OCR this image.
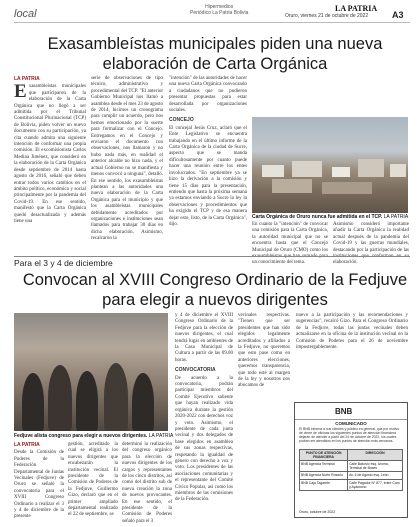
local
Hipermedios
Periódico La Patria Bolivia	Oruro, viernes 21 de octubre de 2022
LA PATRIA
A3
Exasambleístas municipales piden una nueva elaboración de Carta Orgánica
LA PATRIA
E xasambleístas municipales que participaron de la elaboración de la Carta Orgánica que no llegó a ser admitida por el Tribunal Constitucional Plurinacional (TCP) de Bolivia, piden volver un nuevo documento con su participación, ya cita cuando admita una siguiente intención de conformar una propia comisión. El excomisionista Carlos Medina Jiménez, que consideró en la elaboración de la Carta Orgánica desde septiembre de 2014 hasta agosto de 2016, señaló que deben entrar todos varios cambios en el ámbito político, económico y social principalmente por la pandemia del Covid-19. En ese sentido, manifestó que la Carta Orgánica quedó desactualizada y además tiene una
serie de observaciones de tipo técnico, administrativo y procedimental del TCP. "El anterior Gobierno Municipal nos llamó a asamblea desde el mes 23 de agosto de 2014, hicimos un cronograma para cumplir un acuerdo, pero nos hemos emocionado por la suerte para formalizar con el Concejo. Entregamos en el Concejo y enviaron el documento con observaciones, nos llamaron y no hubo nada más, en realidad el anterior alcalde no hizo nada, y el actual Gobierno no se manifiesta y menos convocó a ninguna", detalló. En ese sentido, los exasambleístas plantean a las autoridades una nueva elaboración de la Carta Orgánica para el municipio y que los asambleístas municipales debidamente acreditados por organizaciones e instituciones sean llamados para trabajar 30 días en dicha elaboración. Asimismo, recalcaron la
"intención" de las autoridades de hacer una nueva Carta Orgánica convocando a ciudadanos que no pudieron presentar propuestas para estar desarrollada por organizaciones sociales.
CONCEJO
El concejal Jesús Cruz, aclaró que el Ente Legislativo se encuentra trabajando en el último informe de la Carta Orgánica de la ciudad de Sucre, aspecto que se manda dificultosamente por cuanto puede hacer una reunión entre los entes involucrados. "En septiembre ya se hizo la derivación a la comisión y tiene 15 días para la presentación, entiendo que hasta la próxima semana ya estamos enviando a Sucre la ley la observaciones y procedimientos que ha exigido el TCP y de esa manera dejar esto, listo, de la Carta Orgánica", dijo.
Carta Orgánica de Oruro nunca fue admitida en el TCP. LA PATRIA
En cuanto la "intención" de convocar una comisión para la Carta Orgánica, la autoridad municipal que no se encuentra hasta que el Concejo Municipal de Oruro (CMO) como los un conocimiento del tema.
Asimismo consideró importante añadir la Carta Orgánica la realidad actual después de la pandemia del Covid-19 y las guerras mundiales, destacando por la participación de las elaboración.
Para el 3 y 4 de diciembre
Convocan al XVIII Congreso Ordinario de la Fedjuve para elegir a nuevos dirigentes
Fedjuve alista congreso para elegir a nuevos dirigentes. LA PATRIA
y 4 de diciembre el XVIII Congreso Ordinario de la Fedjuve para la elección de nuevos dirigentes, el cual tendrá lugar en ambientes de la Casa Municipal de Cultura a partir de las 09.00 horas.
CONVOCATORIA
De acuerdo a la convocatoria, podrán participar miembros del Comité Ejecutivo saliente que hayan realizado vida orgánica durante la gestión 2020-2022 con derechos voz y voto. Asimismo, el presidente de cada junta vecinal y dos delegados de base elegidos en asamblea de sus zonas respectivas, respetando la igualdad de género con derecho a voz y voto. Los presidentes de las asociaciones comunitarias y el representante del Comité Cívico Popular, así como los miembros de las comisiones de la Federación.
vecinales respectivas. "Tienen que ser presidentes que han sido elegidos legalmente acreditados y afiliados a la Fedjuve, no queremos que esto pase como en anteriores elecciones, queremos transparencia, que todo esté al margen de la ley y nosotros nos abocamos de
nuevo a la participación y las recomendaciones y sugerencias", recalcó Gizo. Para el Congreso Ordinario de la Fedjuve, todas las juntas vecinales deben actualizarse en la oficina de la institución vecinal en la Comisión de Poderes para el 26 de noviembre impostergablemente.
LA PATRIA
Desde la Comisión de Poderes de la Federación Departamental de Juntas Vecinales (Fedjuve) de Oruro se señaló la convocatoria para el XVIII Congreso Ordinario a realizar el 3 y 4 de diciembre de la presente
gestión, acreditado la cual se eligirá a los nuevos dirigentes que encabezarán la institución vecinal. El presidente de la Comisión de Poderes de la Fedjuve, Guillermo Gizo, declaró que en el primer ampliado departamental realizado el 22 de septiembre, se
determinó la realización del congreso orgánico para la elección de nuevos dirigentes de los cargos y representantes de los cinco distritos, así como del distrito sub de nueva creación la zona de nuevos provocantes. En ese sentido, el presidente de la Comisión de Poderes señaló para el 3
BNB
COMUNICADO
El BNB informa a sus clientes y público en general, que por motivo de cierre de oficinas los siguientes puntos de atención financiera dejarán de atender a partir del 24 de octubre de 2022, los cuales podrán ser atendidos en los puntos de atención más cercanos.
PUNTO DE ATENCIÓN FINANCIERA	DIRECCIÓN
BNB Agencia Terminal	Calle Bakovic esq. Aroma, Terminal de Buses
BNB Agencia Norte Rosario	Av. 6 de Agosto esq. León
BNB Caja Tagarete	Calle Pagador Nº 877, entre Caro y Ayacucho
Oruro, octubre de 2022
